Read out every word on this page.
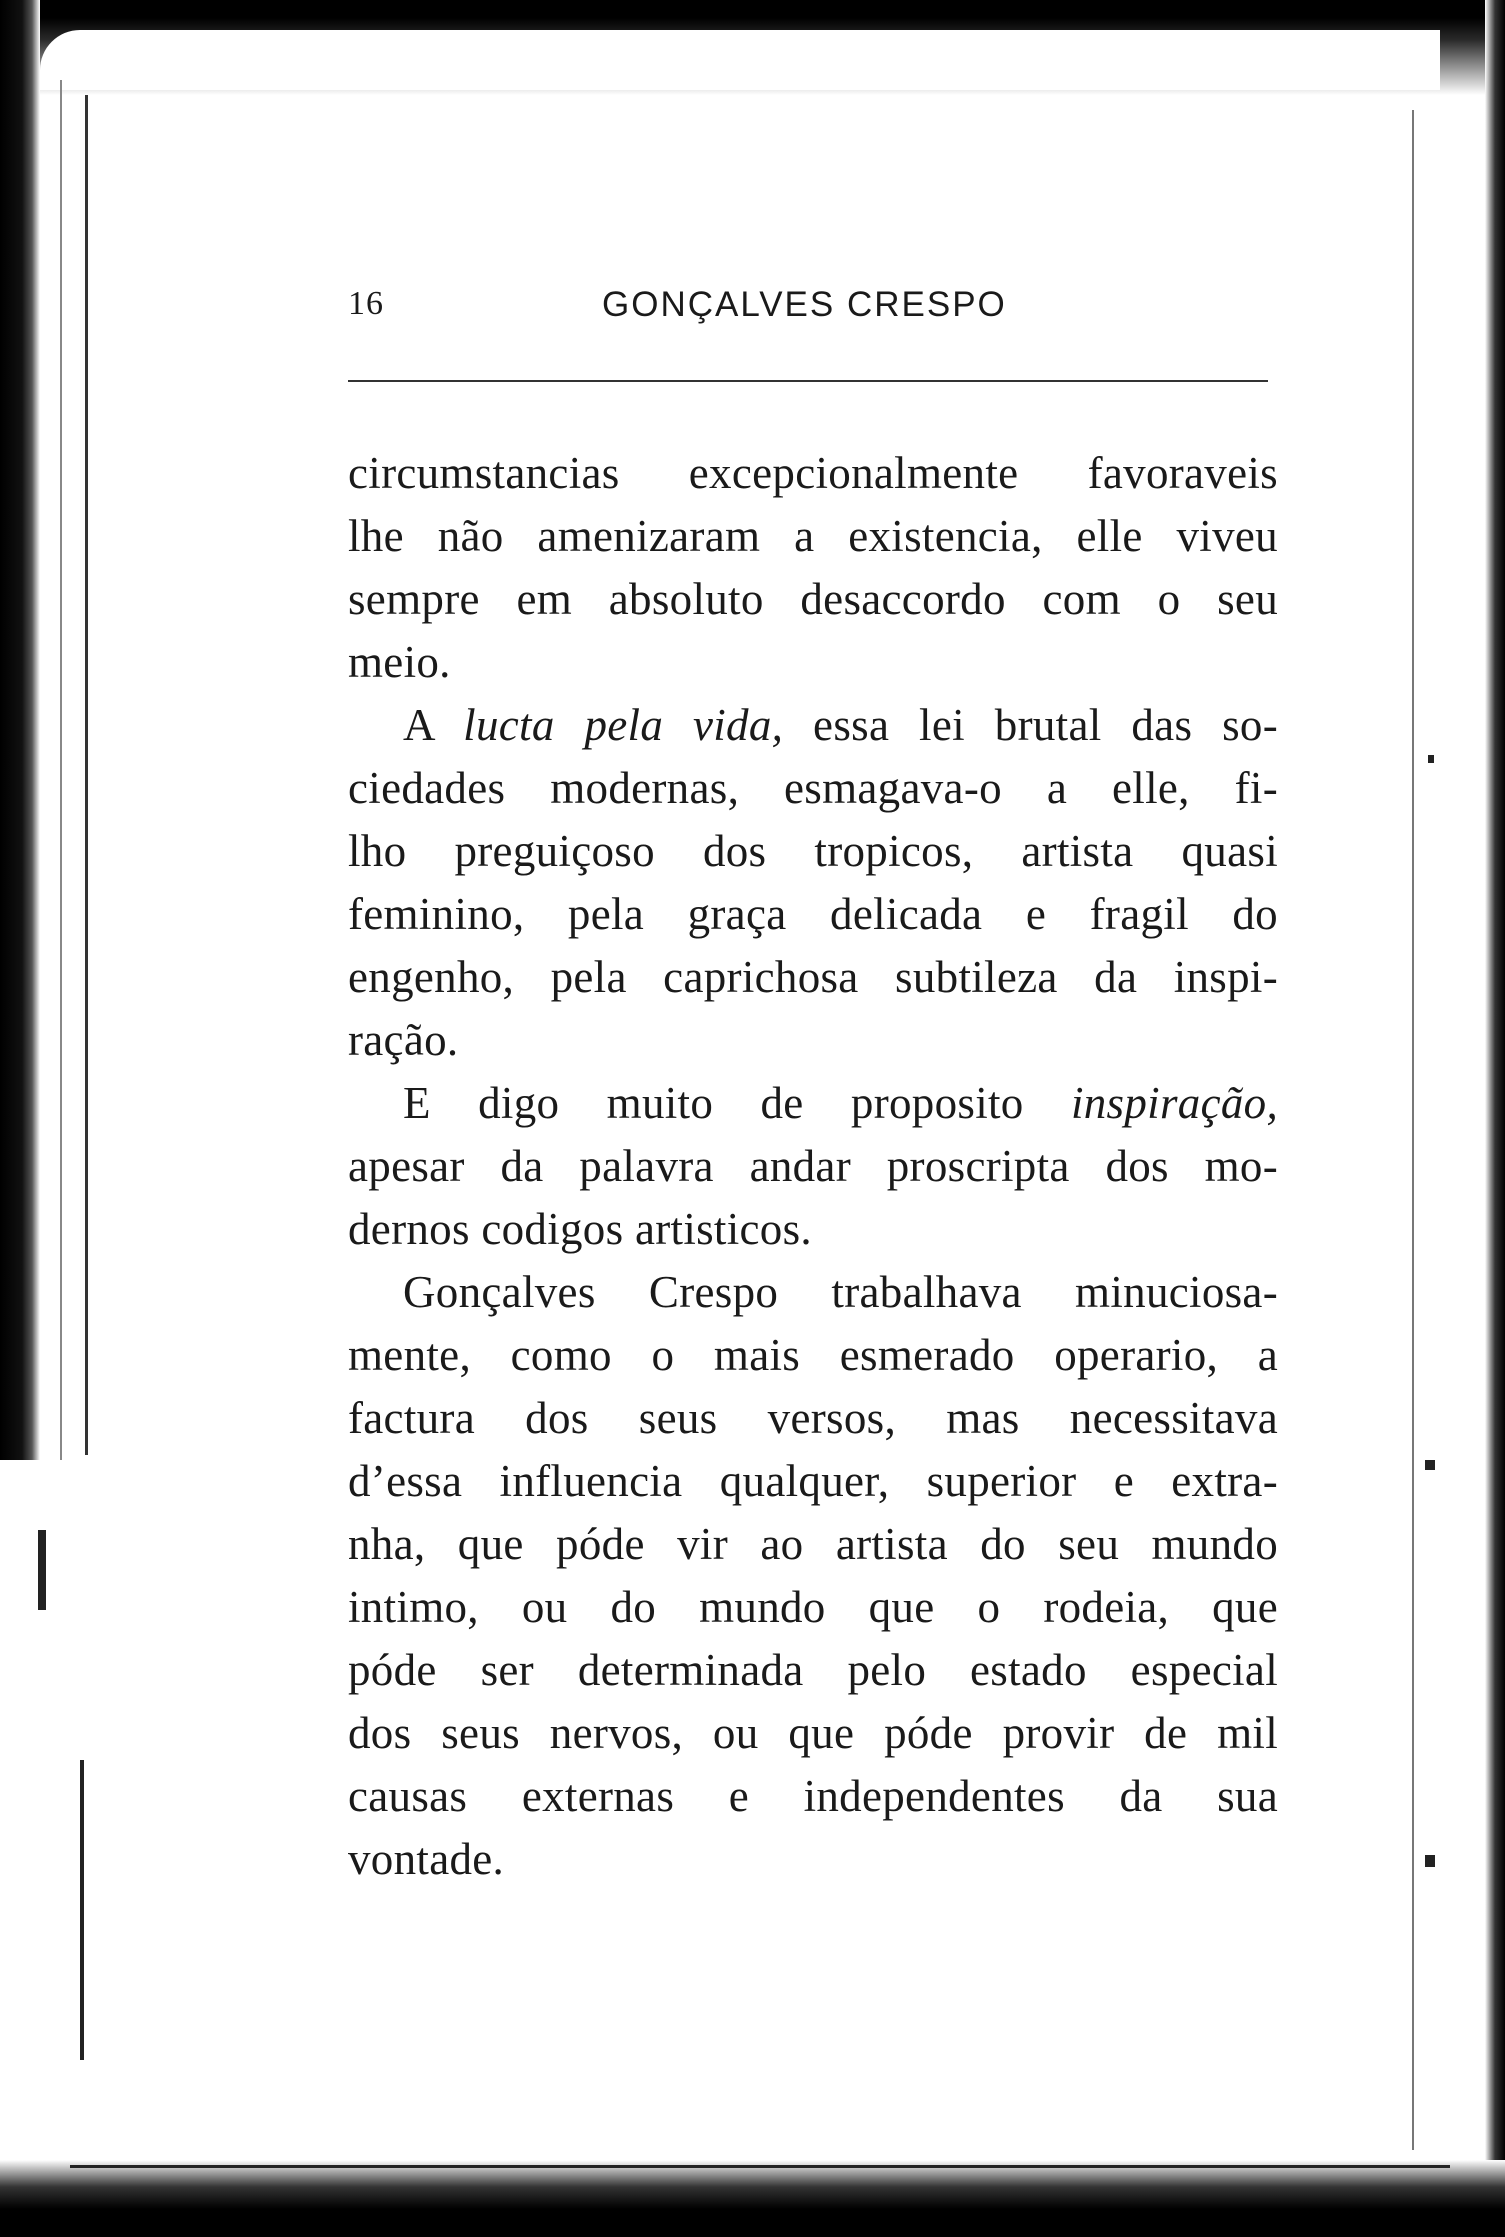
16	GONÇALVES CRESPO
circumstancias excepcionalmente favoraveis
lhe não amenizaram a existencia, elle viveu
sempre em absoluto desaccordo com o seu
meio.
A lucta pela vida, essa lei brutal das so-
ciedades modernas, esmagava-o a elle, fi-
lho preguiçoso dos tropicos, artista quasi
feminino, pela graça delicada e fragil do
engenho, pela caprichosa subtileza da inspi-
ração.
E digo muito de proposito inspiração,
apesar da palavra andar proscripta dos mo-
dernos codigos artisticos.
Gonçalves Crespo trabalhava minuciosa-
mente, como o mais esmerado operario, a
factura dos seus versos, mas necessitava
d’essa influencia qualquer, superior e extra-
nha, que póde vir ao artista do seu mundo
intimo, ou do mundo que o rodeia, que
póde ser determinada pelo estado especial
dos seus nervos, ou que póde provir de mil
causas externas e independentes da sua
vontade.
